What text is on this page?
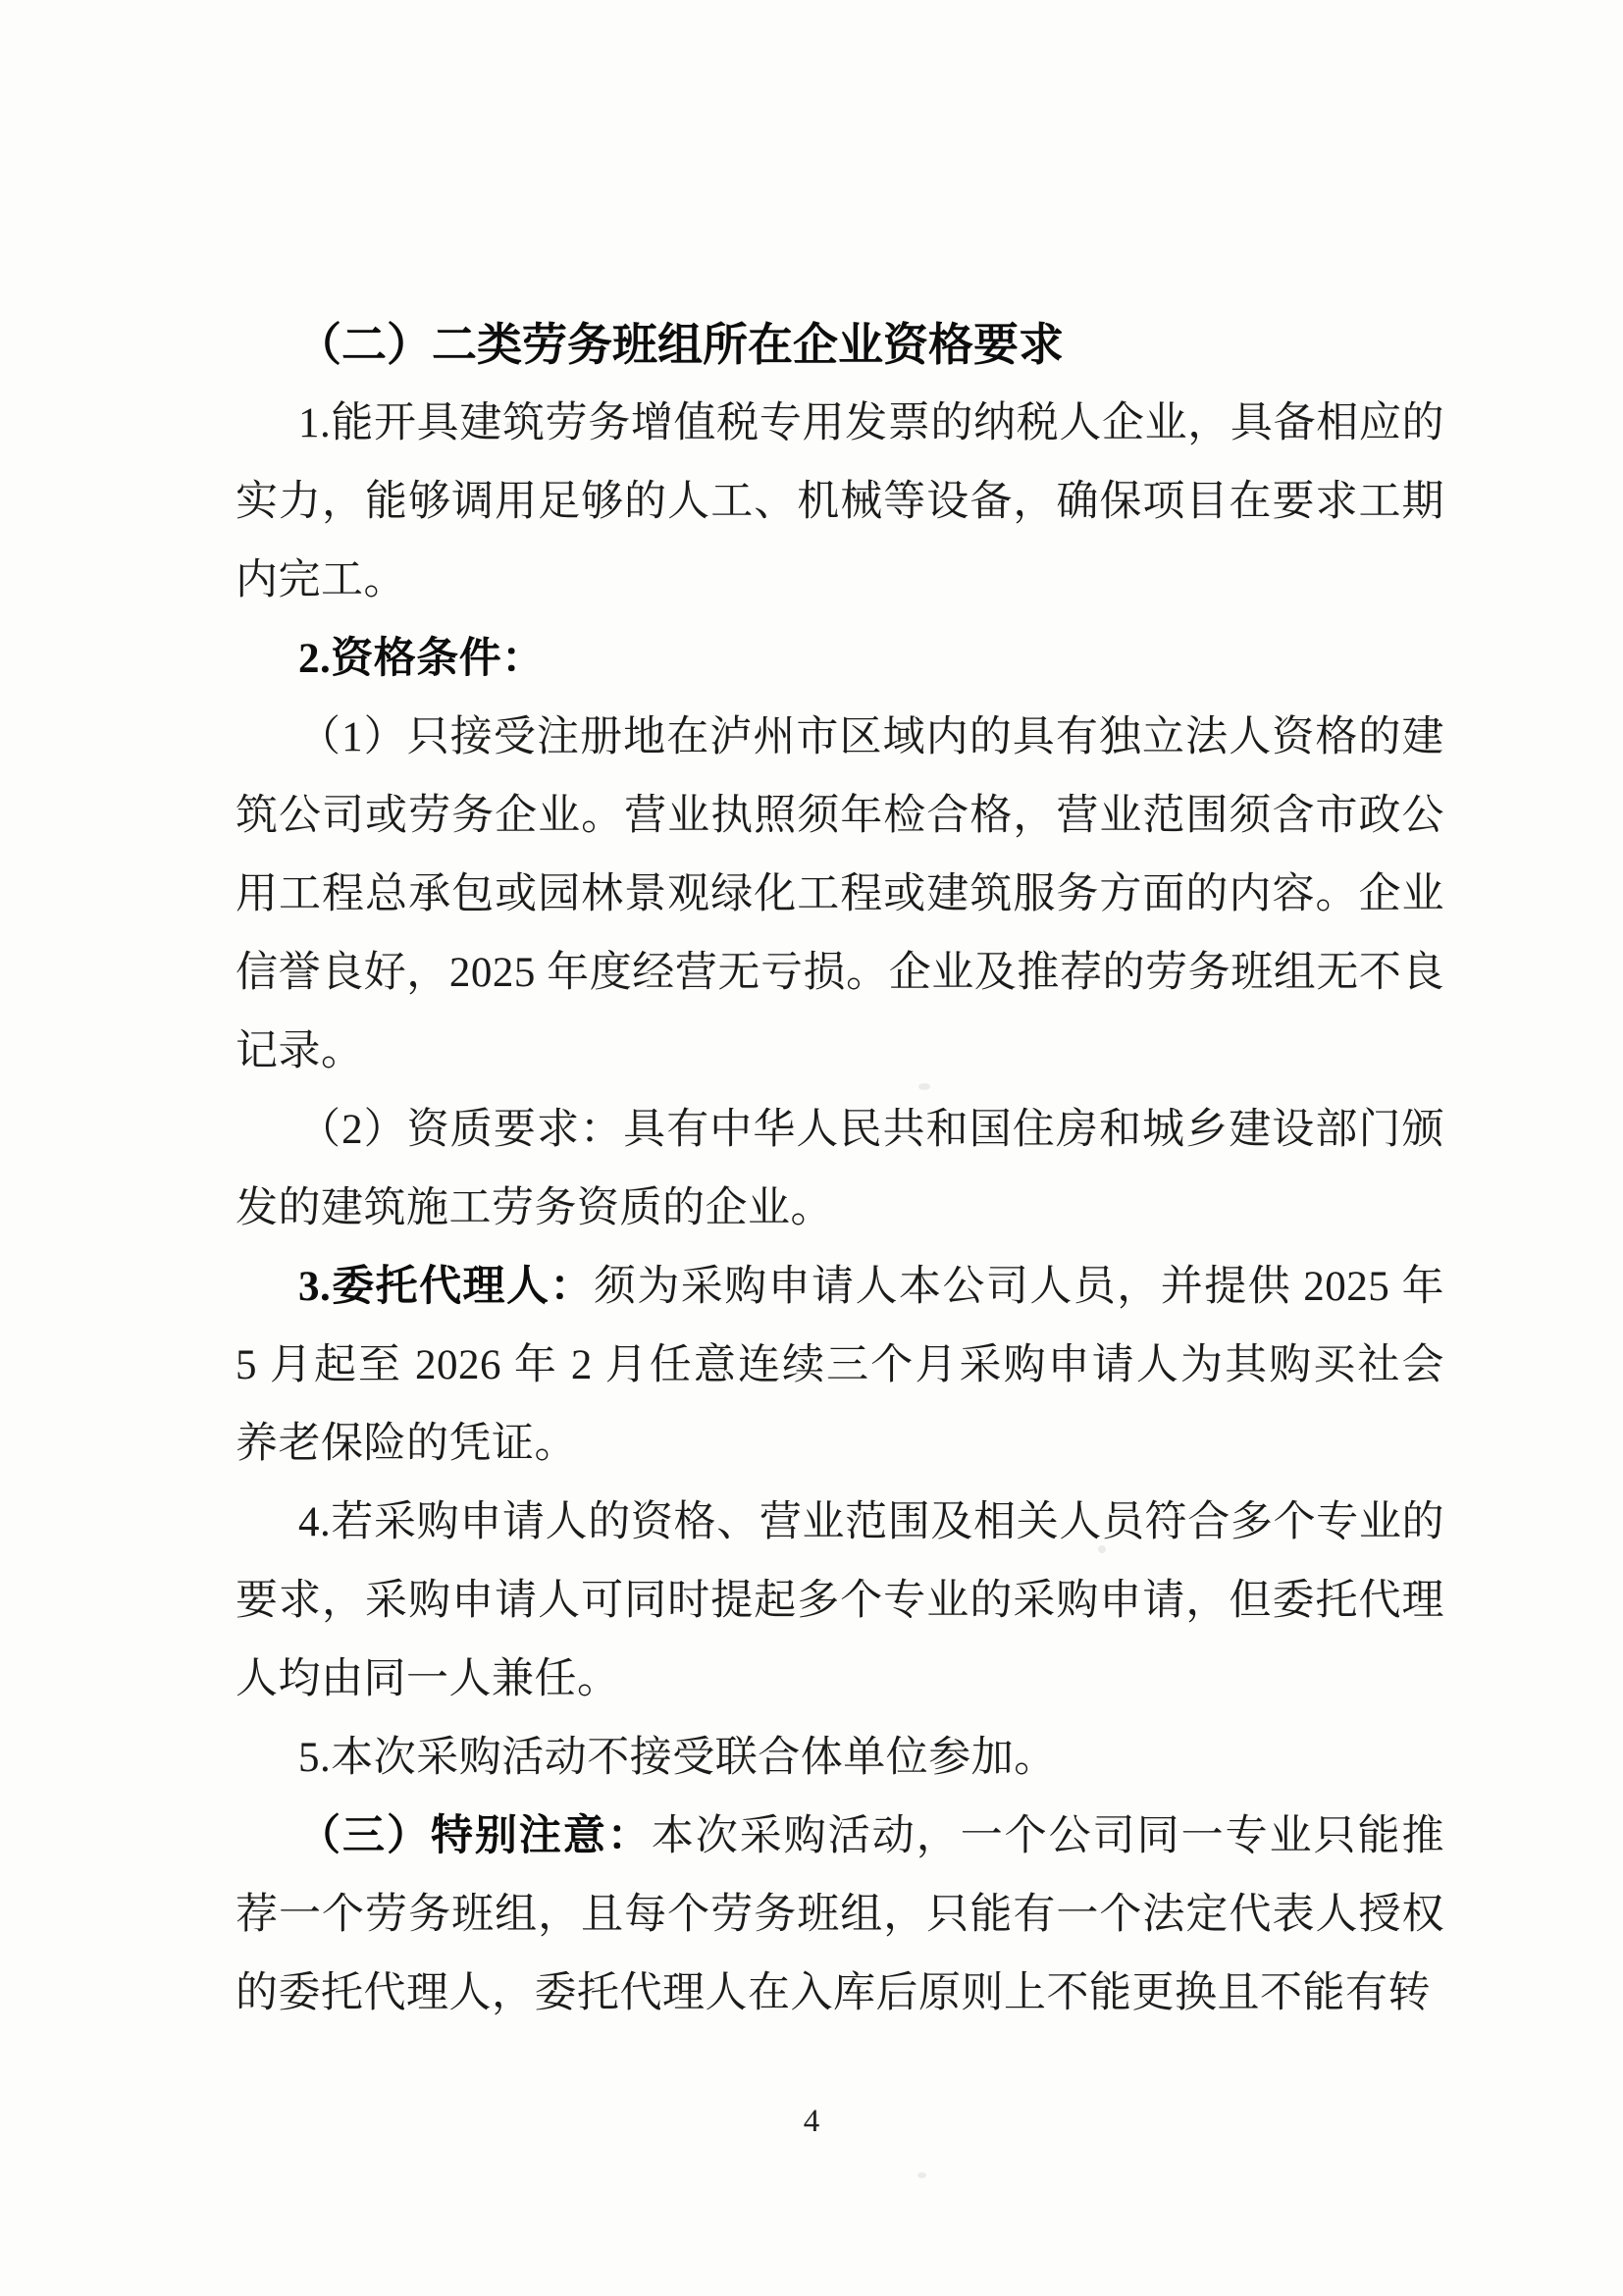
（二）二类劳务班组所在企业资格要求

1.能开具建筑劳务增值税专用发票的纳税人企业，具备相应的实力，能够调用足够的人工、机械等设备，确保项目在要求工期内完工。

2.资格条件：

（1）只接受注册地在泸州市区域内的具有独立法人资格的建筑公司或劳务企业。营业执照须年检合格，营业范围须含市政公用工程总承包或园林景观绿化工程或建筑服务方面的内容。企业信誉良好，2025 年度经营无亏损。企业及推荐的劳务班组无不良记录。

（2）资质要求：具有中华人民共和国住房和城乡建设部门颁发的建筑施工劳务资质的企业。

3.委托代理人：须为采购申请人本公司人员，并提供 2025 年 5 月起至 2026 年 2 月任意连续三个月采购申请人为其购买社会养老保险的凭证。

4.若采购申请人的资格、营业范围及相关人员符合多个专业的要求，采购申请人可同时提起多个专业的采购申请，但委托代理人均由同一人兼任。

5.本次采购活动不接受联合体单位参加。

（三）特别注意：本次采购活动，一个公司同一专业只能推荐一个劳务班组，且每个劳务班组，只能有一个法定代表人授权的委托代理人，委托代理人在入库后原则上不能更换且不能有转

4
